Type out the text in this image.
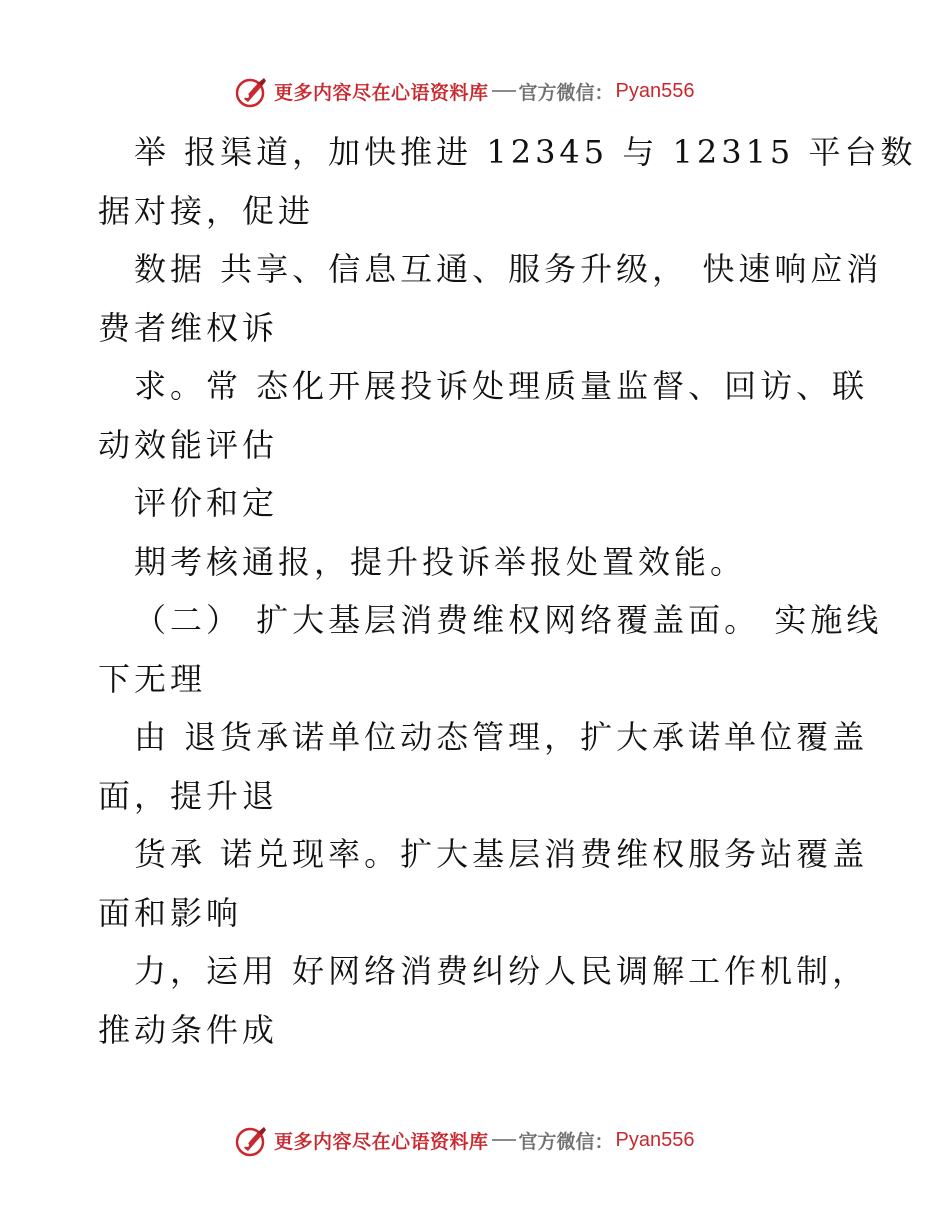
更多内容尽在心语资料库 官方微信： Pyan556
举 报渠道，加快推进 12345 与 12315 平台数
据对接，促进
数据 共享、信息互通、服务升级， 快速响应消
费者维权诉
求。常 态化开展投诉处理质量监督、回访、联
动效能评估
评价和定
期考核通报，提升投诉举报处置效能。
（二） 扩大基层消费维权网络覆盖面。 实施线
下无理
由 退货承诺单位动态管理，扩大承诺单位覆盖
面，提升退
货承 诺兑现率。扩大基层消费维权服务站覆盖
面和影响
力，运用 好网络消费纠纷人民调解工作机制，
推动条件成
更多内容尽在心语资料库 官方微信： Pyan556
